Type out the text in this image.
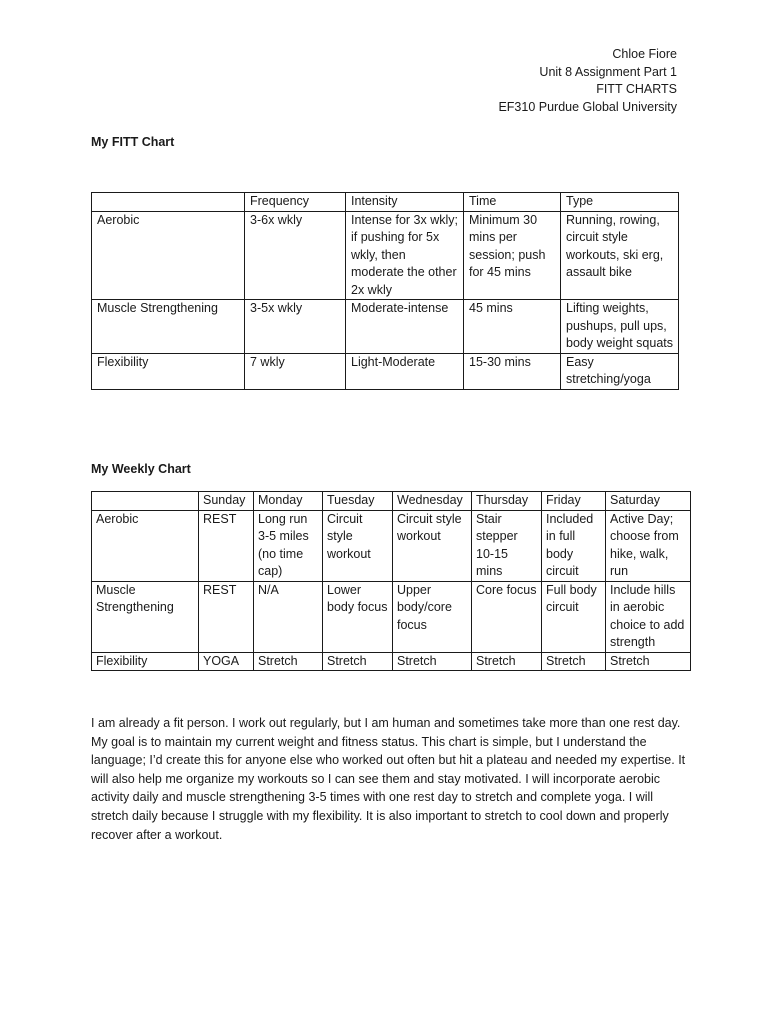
Chloe Fiore
Unit 8 Assignment Part 1
FITT CHARTS
EF310 Purdue Global University
My FITT Chart
	Frequency	Intensity	Time	Type
Aerobic	3-6x wkly	Intense for 3x wkly; if pushing for 5x wkly, then moderate the other 2x wkly	Minimum 30 mins per session; push for 45 mins	Running, rowing, circuit style workouts, ski erg, assault bike
Muscle Strengthening	3-5x wkly	Moderate-intense	45 mins	Lifting weights, pushups, pull ups, body weight squats
Flexibility	7 wkly	Light-Moderate	15-30 mins	Easy stretching/yoga
My Weekly Chart
	Sunday	Monday	Tuesday	Wednesday	Thursday	Friday	Saturday
Aerobic	REST	Long run 3-5 miles (no time cap)	Circuit style workout	Circuit style workout	Stair stepper 10-15 mins	Included in full body circuit	Active Day; choose from hike, walk, run
Muscle Strengthening	REST	N/A	Lower body focus	Upper body/core focus	Core focus	Full body circuit	Include hills in aerobic choice to add strength
Flexibility	YOGA	Stretch	Stretch	Stretch	Stretch	Stretch	Stretch
I am already a fit person. I work out regularly, but I am human and sometimes take more than one rest day. My goal is to maintain my current weight and fitness status. This chart is simple, but I understand the language; I’d create this for anyone else who worked out often but hit a plateau and needed my expertise. It will also help me organize my workouts so I can see them and stay motivated. I will incorporate aerobic activity daily and muscle strengthening 3-5 times with one rest day to stretch and complete yoga. I will stretch daily because I struggle with my flexibility. It is also important to stretch to cool down and properly recover after a workout.
